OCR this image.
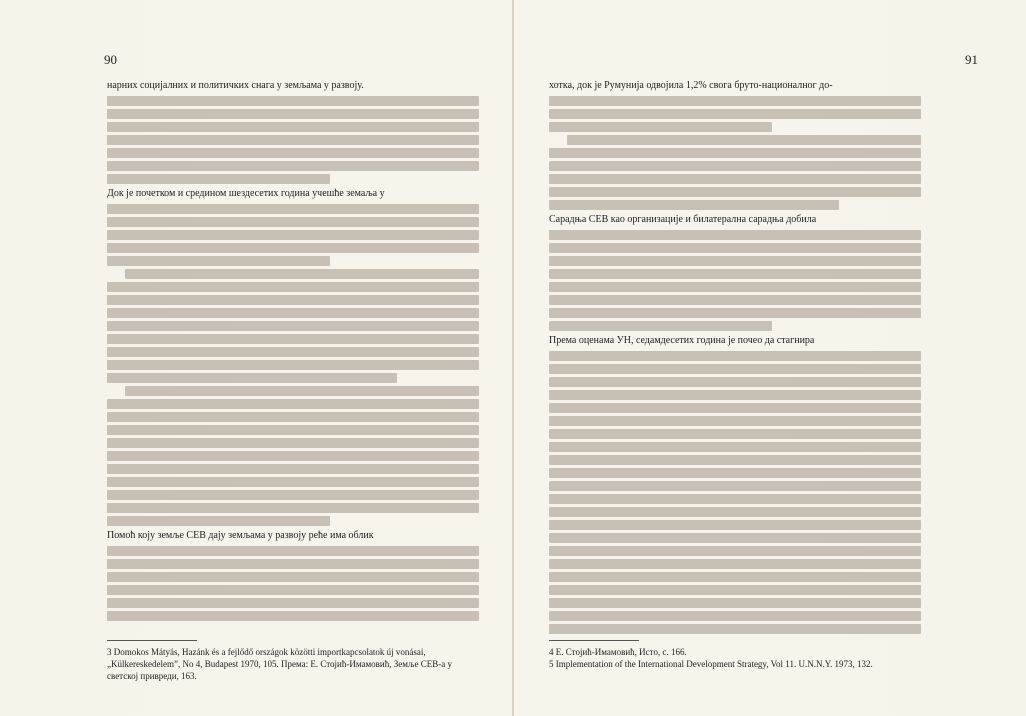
90
нарних социјалних и политичких снага у земљама у развоју.
Док је почетком и средином шездесетих година учешће земаља у
Помоћ коју земље СЕВ дају земљама у развоју реће има облик
3 Domokos Mátyás, Hazánk és a fejlődő országok közötti importkapcsolatok új vonásai, „Külkereskedelem”, No 4, Budapest 1970, 105. Према: Е. Стојић-Имамовић, Земље СЕВ-а у светској привреди, 163.
91
хотка, док је Румунија одвојила 1,2% свога бруто-националног до-
Сарадња СЕВ као организације и билатерална сарадња добила
Према оценама УН, седамдесетих година је почео да стагнира
4 Е. Стојић-Имамовић, Исто, с. 166.
5 Implementation of the International Development Strategy, Vol 11. U.N.N.Y. 1973, 132.
